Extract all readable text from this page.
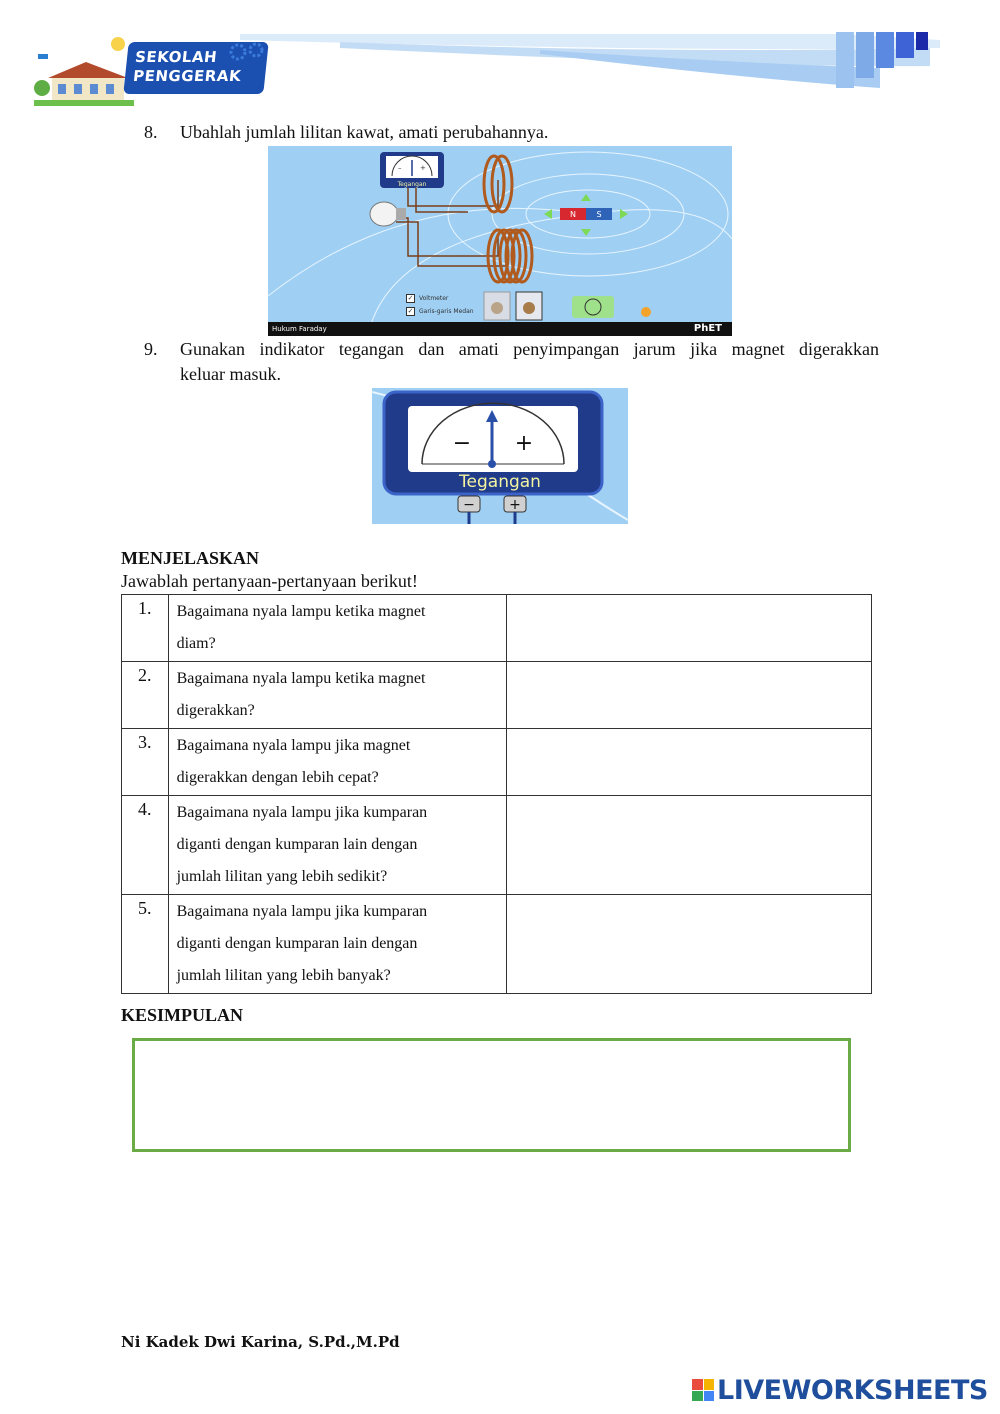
SEKOLAH
PENGGERAK
8. Ubahlah jumlah lilitan kawat, amati perubahannya.
–	+
Tegangan
N	S
✓ Voltmeter
✓ Garis-garis Medan
Hukum Faraday	PhET
9. Gunakan indikator tegangan dan amati penyimpangan jarum jika magnet digerakkan
keluar masuk.
− +
− +
Tegangan
MENJELASKAN
Jawablah pertanyaan-pertanyaan berikut!
1.	Bagaimana nyala lampu ketika magnet
diam?	

2.	Bagaimana nyala lampu ketika magnet
digerakkan?	

3.	Bagaimana nyala lampu jika magnet
digerakkan dengan lebih cepat?	

4.	Bagaimana nyala lampu jika kumparan
diganti dengan kumparan lain dengan
jumlah lilitan yang lebih sedikit?	

5.	Bagaimana nyala lampu jika kumparan
diganti dengan kumparan lain dengan
jumlah lilitan yang lebih banyak?	

KESIMPULAN
Ni Kadek Dwi Karina, S.Pd.,M.Pd
LIVEWORKSHEETS
